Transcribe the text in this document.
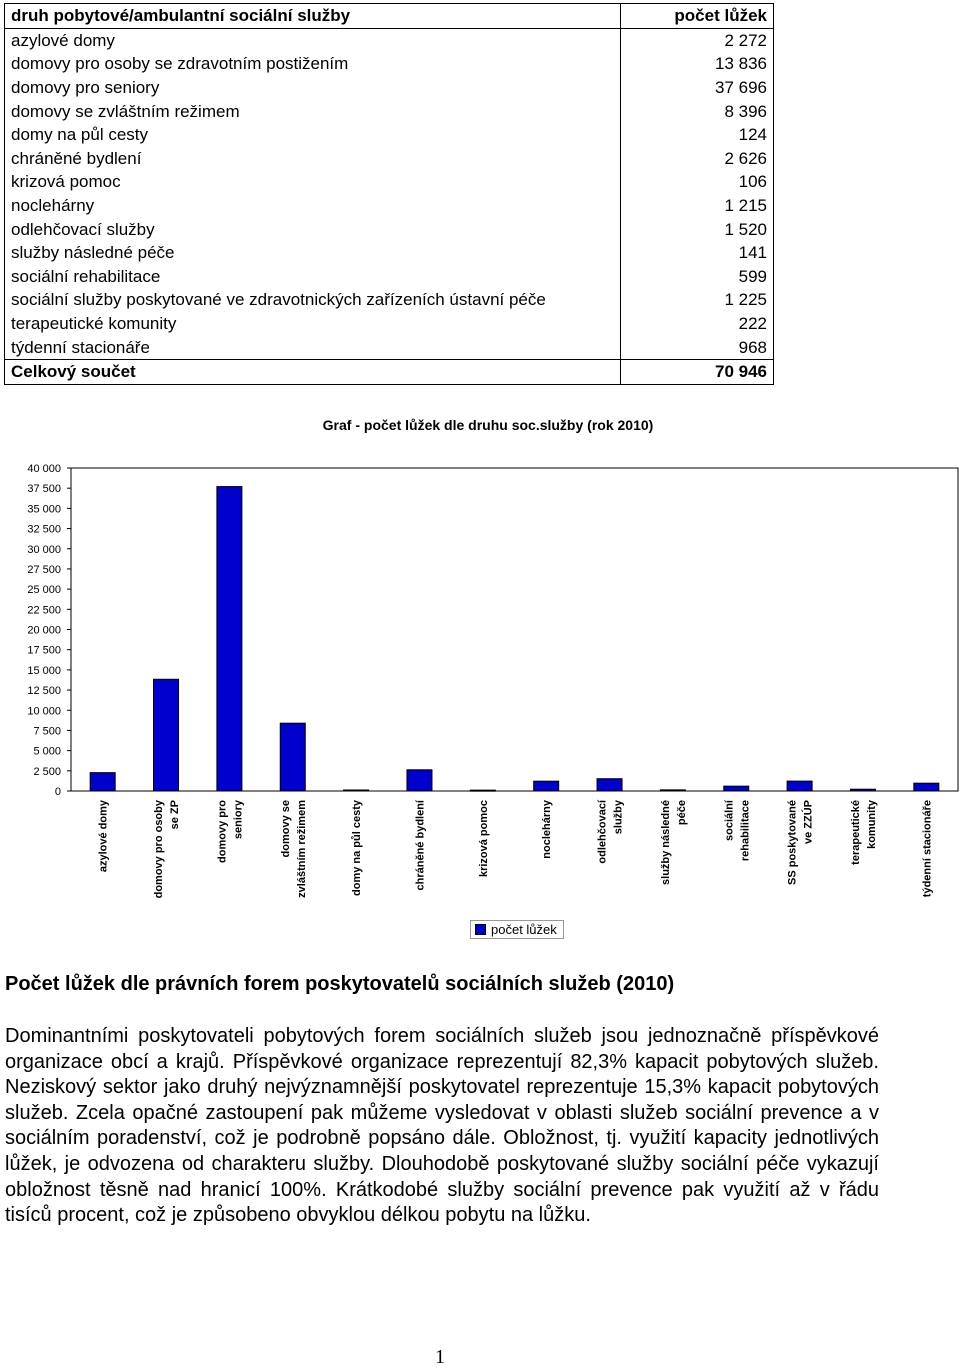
druh pobytové/ambulantní sociální služby	počet lůžek
azylové domy	2 272
domovy pro osoby se zdravotním postižením	13 836
domovy pro seniory	37 696
domovy se zvláštním režimem	8 396
domy na půl cesty	124
chráněné bydlení	2 626
krizová pomoc	106
noclehárny	1 215
odlehčovací služby	1 520
služby následné péče	141
sociální rehabilitace	599
sociální služby poskytované ve zdravotnických zařízeních ústavní péče	1 225
terapeutické komunity	222
týdenní stacionáře	968
Celkový součet	70 946
Graf - počet lůžek dle druhu soc.služby (rok 2010)
0
2 500
5 000
7 500
10 000
12 500
15 000
17 500
20 000
22 500
25 000
27 500
30 000
32 500
35 000
37 500
40 000
azylové domy	domovy pro osoby se ZP	domovy pro seniory	domovy se zvláštním režimem	domy na půl cesty	chráněné bydlení	krizová pomoc	noclehárny	odlehčovací služby	služby následné péče	sociální rehabilitace	SS poskytované ve ZZÚP	terapeutické komunity	týdenní stacionáře
počet lůžek
Počet lůžek dle právních forem poskytovatelů sociálních služeb (2010)

Dominantními poskytovateli pobytových forem sociálních služeb jsou jednoznačně příspěvkové organizace obcí a krajů. Příspěvkové organizace reprezentují 82,3% kapacit pobytových služeb. Neziskový sektor jako druhý nejvýznamnější poskytovatel reprezentuje 15,3% kapacit pobytových služeb. Zcela opačné zastoupení pak můžeme vysledovat v oblasti služeb sociální prevence a v sociálním poradenství, což je podrobně popsáno dále. Obložnost, tj. využití kapacity jednotlivých lůžek, je odvozena od charakteru služby. Dlouhodobě poskytované služby sociální péče vykazují obložnost těsně nad hranicí 100%. Krátkodobé služby sociální prevence pak využití až v řádu tisíců procent, což je způsobeno obvyklou délkou pobytu na lůžku.

1
